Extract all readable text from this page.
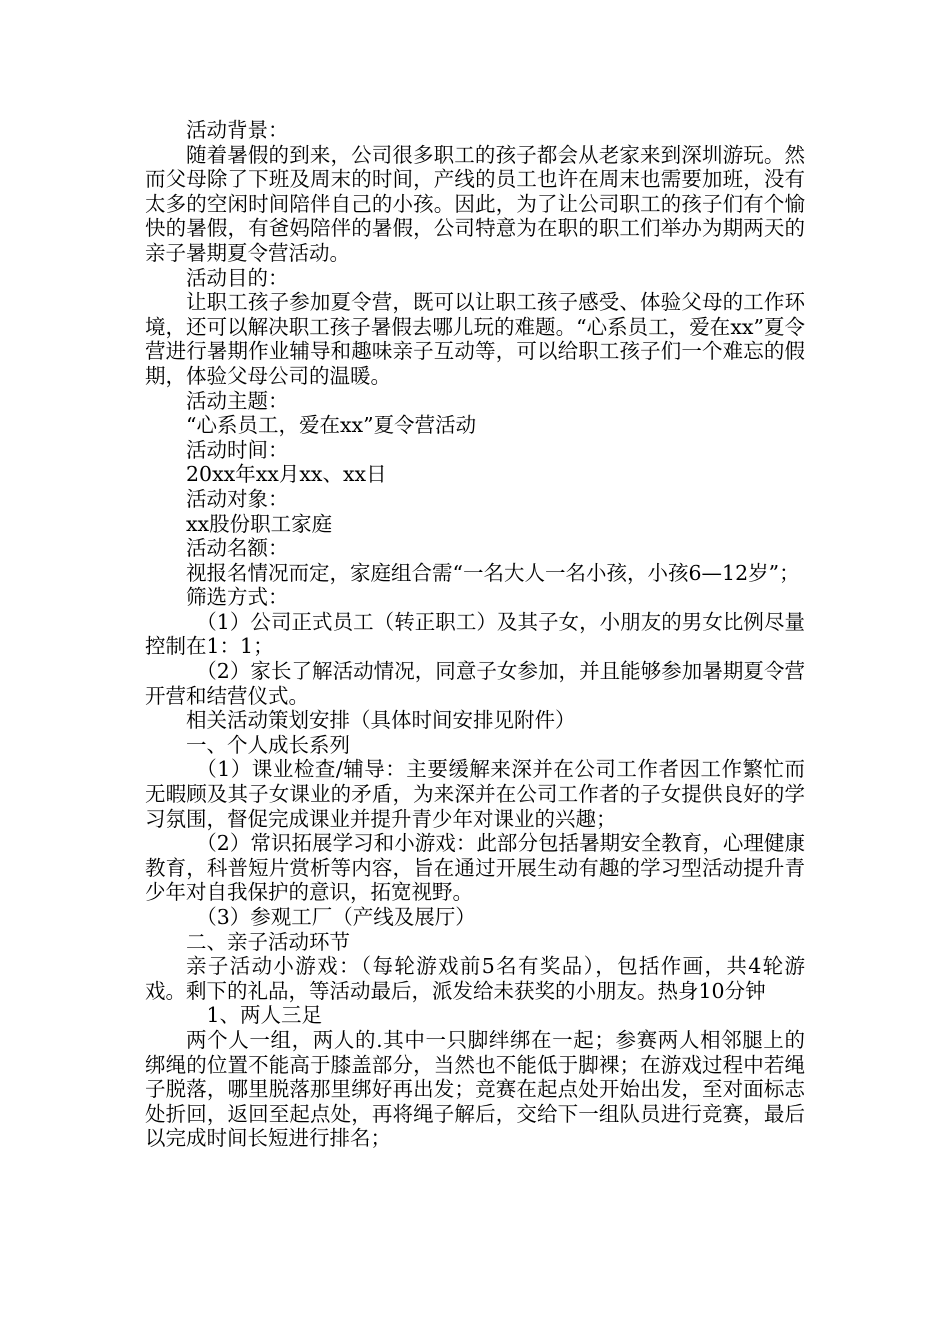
活动背景：

随着暑假的到来，公司很多职工的孩子都会从老家来到深圳游玩。然而父母除了下班及周末的时间，产线的员工也许在周末也需要加班，没有太多的空闲时间陪伴自己的小孩。因此，为了让公司职工的孩子们有个愉快的暑假，有爸妈陪伴的暑假，公司特意为在职的职工们举办为期两天的亲子暑期夏令营活动。

活动目的：

让职工孩子参加夏令营，既可以让职工孩子感受、体验父母的工作环境，还可以解决职工孩子暑假去哪儿玩的难题。“心系员工，爱在xx”夏令营进行暑期作业辅导和趣味亲子互动等，可以给职工孩子们一个难忘的假期，体验父母公司的温暖。

活动主题：

“心系员工，爱在xx”夏令营活动

活动时间：

20xx年xx月xx、xx日

活动对象：

xx股份职工家庭

活动名额：

视报名情况而定，家庭组合需“一名大人一名小孩，小孩6—12岁”；

筛选方式：

（1）公司正式员工（转正职工）及其子女，小朋友的男女比例尽量控制在1：1；

（2）家长了解活动情况，同意子女参加，并且能够参加暑期夏令营开营和结营仪式。

相关活动策划安排（具体时间安排见附件）

一、个人成长系列

（1）课业检查/辅导：主要缓解来深并在公司工作者因工作繁忙而无暇顾及其子女课业的矛盾，为来深并在公司工作者的子女提供良好的学习氛围，督促完成课业并提升青少年对课业的兴趣；

（2）常识拓展学习和小游戏：此部分包括暑期安全教育，心理健康教育，科普短片赏析等内容，旨在通过开展生动有趣的学习型活动提升青少年对自我保护的意识，拓宽视野。

（3）参观工厂（产线及展厅）

二、亲子活动环节

亲子活动小游戏：（每轮游戏前5名有奖品），包括作画，共4轮游戏。剩下的礼品，等活动最后，派发给未获奖的小朋友。热身10分钟

1、两人三足

两个人一组，两人的.其中一只脚绊绑在一起；参赛两人相邻腿上的绑绳的位置不能高于膝盖部分，当然也不能低于脚裸；在游戏过程中若绳子脱落，哪里脱落那里绑好再出发；竞赛在起点处开始出发，至对面标志处折回，返回至起点处，再将绳子解后，交给下一组队员进行竞赛，最后以完成时间长短进行排名；
